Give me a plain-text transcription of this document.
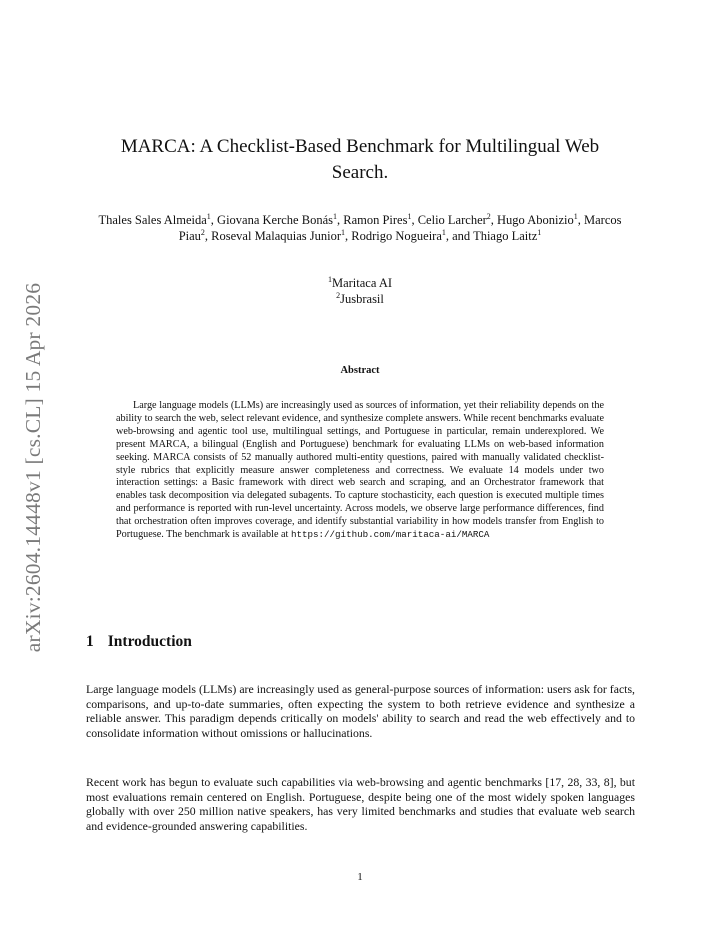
arXiv:2604.14448v1 [cs.CL] 15 Apr 2026
MARCA: A Checklist-Based Benchmark for Multilingual Web Search.
Thales Sales Almeida$^1$, Giovana Kerche Bonás$^1$, Ramon Pires$^1$, Celio Larcher$^2$, Hugo Abonizio$^1$, Marcos Piau$^2$, Roseval Malaquias Junior$^1$, Rodrigo Nogueira$^1$, and Thiago Laitz$^1$
$^1$Maritaca AI
$^2$Jusbrasil
Abstract
Large language models (LLMs) are increasingly used as sources of information, yet their reliability depends on the ability to search the web, select relevant evidence, and synthesize complete answers. While recent benchmarks evaluate web-browsing and agentic tool use, multilingual settings, and Portuguese in particular, remain underexplored. We present MARCA, a bilingual (English and Portuguese) benchmark for evaluating LLMs on web-based information seeking. MARCA consists of 52 manually authored multi-entity questions, paired with manually validated checklist-style rubrics that explicitly measure answer completeness and correctness. We evaluate 14 models under two interaction settings: a Basic framework with direct web search and scraping, and an Orchestrator framework that enables task decomposition via delegated subagents. To capture stochasticity, each question is executed multiple times and performance is reported with run-level uncertainty. Across models, we observe large performance differences, find that orchestration often improves coverage, and identify substantial variability in how models transfer from English to Portuguese. The benchmark is available at https://github.com/maritaca-ai/MARCA
1 Introduction

Large language models (LLMs) are increasingly used as general-purpose sources of information: users ask for facts, comparisons, and up-to-date summaries, often expecting the system to both retrieve evidence and synthesize a reliable answer. This paradigm depends critically on models' ability to search and read the web effectively and to consolidate information without omissions or hallucinations.

Recent work has begun to evaluate such capabilities via web-browsing and agentic benchmarks [17, 28, 33, 8], but most evaluations remain centered on English. Portuguese, despite being one of the most widely spoken languages globally with over 250 million native speakers, has very limited benchmarks and studies that evaluate web search and evidence-grounded answering capabilities.

1
